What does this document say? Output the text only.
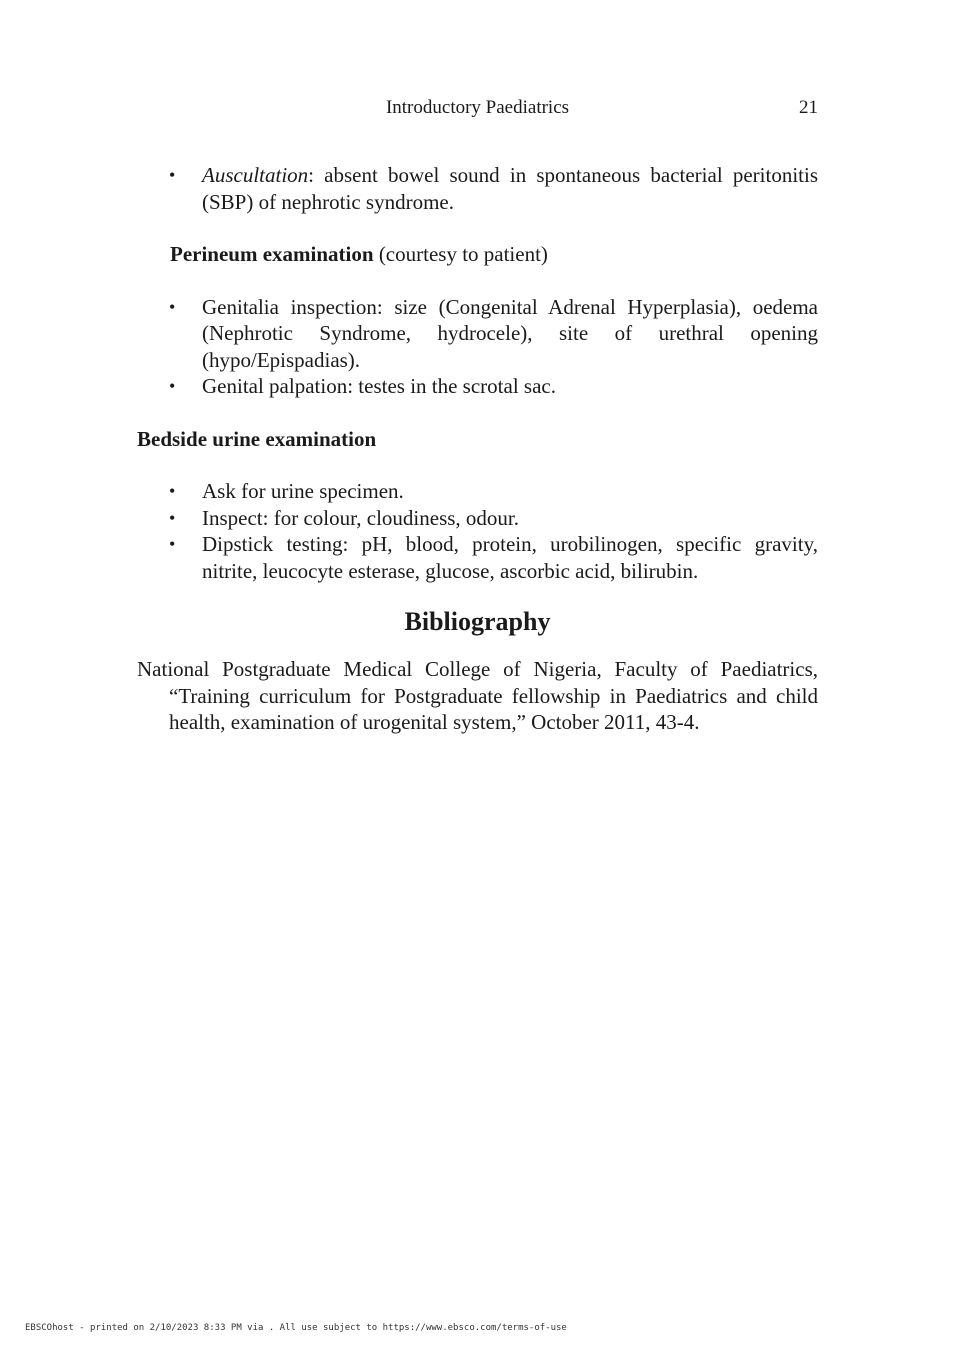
Introductory Paediatrics	21
• Auscultation: absent bowel sound in spontaneous bacterial peritonitis (SBP) of nephrotic syndrome.
Perineum examination (courtesy to patient)
• Genitalia inspection: size (Congenital Adrenal Hyperplasia), oedema (Nephrotic Syndrome, hydrocele), site of urethral opening (hypo/Epispadias).
• Genital palpation: testes in the scrotal sac.
Bedside urine examination
• Ask for urine specimen.
• Inspect: for colour, cloudiness, odour.
• Dipstick testing: pH, blood, protein, urobilinogen, specific gravity, nitrite, leucocyte esterase, glucose, ascorbic acid, bilirubin.
Bibliography
National Postgraduate Medical College of Nigeria, Faculty of Paediatrics, “Training curriculum for Postgraduate fellowship in Paediatrics and child health, examination of urogenital system,” October 2011, 43-4.
EBSCOhost - printed on 2/10/2023 8:33 PM via . All use subject to https://www.ebsco.com/terms-of-use
